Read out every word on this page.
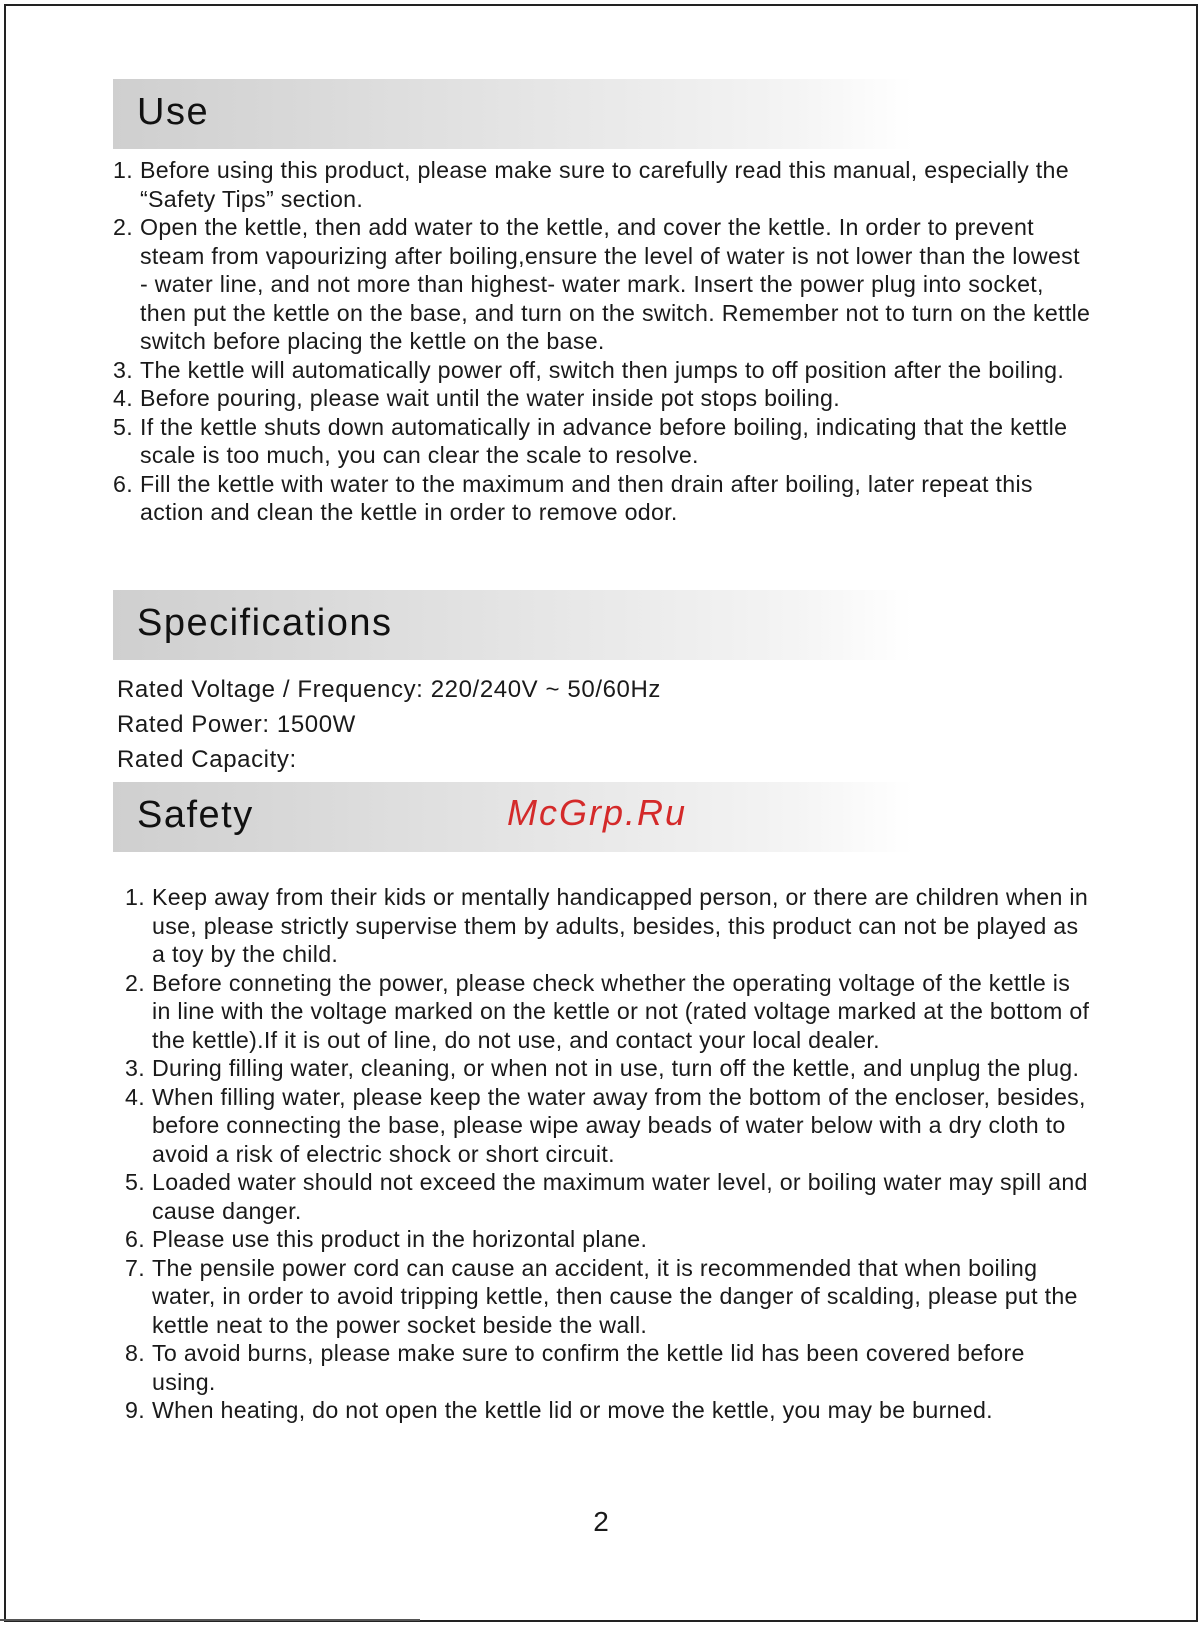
Use
1. Before using this product, please make sure to carefully read this manual, especially the “Safety Tips” section.
2. Open the kettle, then add water to the kettle, and cover the kettle. In order to prevent steam from vapourizing after boiling,ensure the level of water is not lower than the lowest - water line, and not more than highest- water mark. Insert the power plug into socket, then put the kettle on the base, and turn on the switch. Remember not to turn on the kettle switch before placing the kettle on the base.
3. The kettle will automatically power off, switch then jumps to off position after the boiling.
4. Before pouring, please wait until the water inside pot stops boiling.
5. If the kettle shuts down automatically in advance before boiling, indicating that the kettle scale is too much, you can clear the scale to resolve.
6. Fill the kettle with water to the maximum and then drain after boiling, later repeat this action and clean the kettle in order to remove odor.
Specifications
Rated Voltage / Frequency: 220/240V ~ 50/60Hz
Rated Power: 1500W
Rated Capacity:
Safety	McGrp.Ru
1. Keep away from their kids or mentally handicapped person, or there are children when in use, please strictly supervise them by adults, besides, this product can not be played as a toy by the child.
2. Before conneting the power, please check whether the operating voltage of the kettle is in line with the voltage marked on the kettle or not (rated voltage marked at the bottom of the kettle).If it is out of line, do not use, and contact your local dealer.
3. During filling water, cleaning, or when not in use, turn off the kettle, and unplug the plug.
4. When filling water, please keep the water away from the bottom of the encloser, besides, before connecting the base, please wipe away beads of water below with a dry cloth to avoid a risk of electric shock or short circuit.
5. Loaded water should not exceed the maximum water level, or boiling water may spill and cause danger.
6. Please use this product in the horizontal plane.
7. The pensile power cord can cause an accident, it is recommended that when boiling water, in order to avoid tripping kettle, then cause the danger of scalding, please put the kettle neat to the power socket beside the wall.
8. To avoid burns, please make sure to confirm the kettle lid has been covered before using.
9. When heating, do not open the kettle lid or move the kettle, you may be burned.
2
